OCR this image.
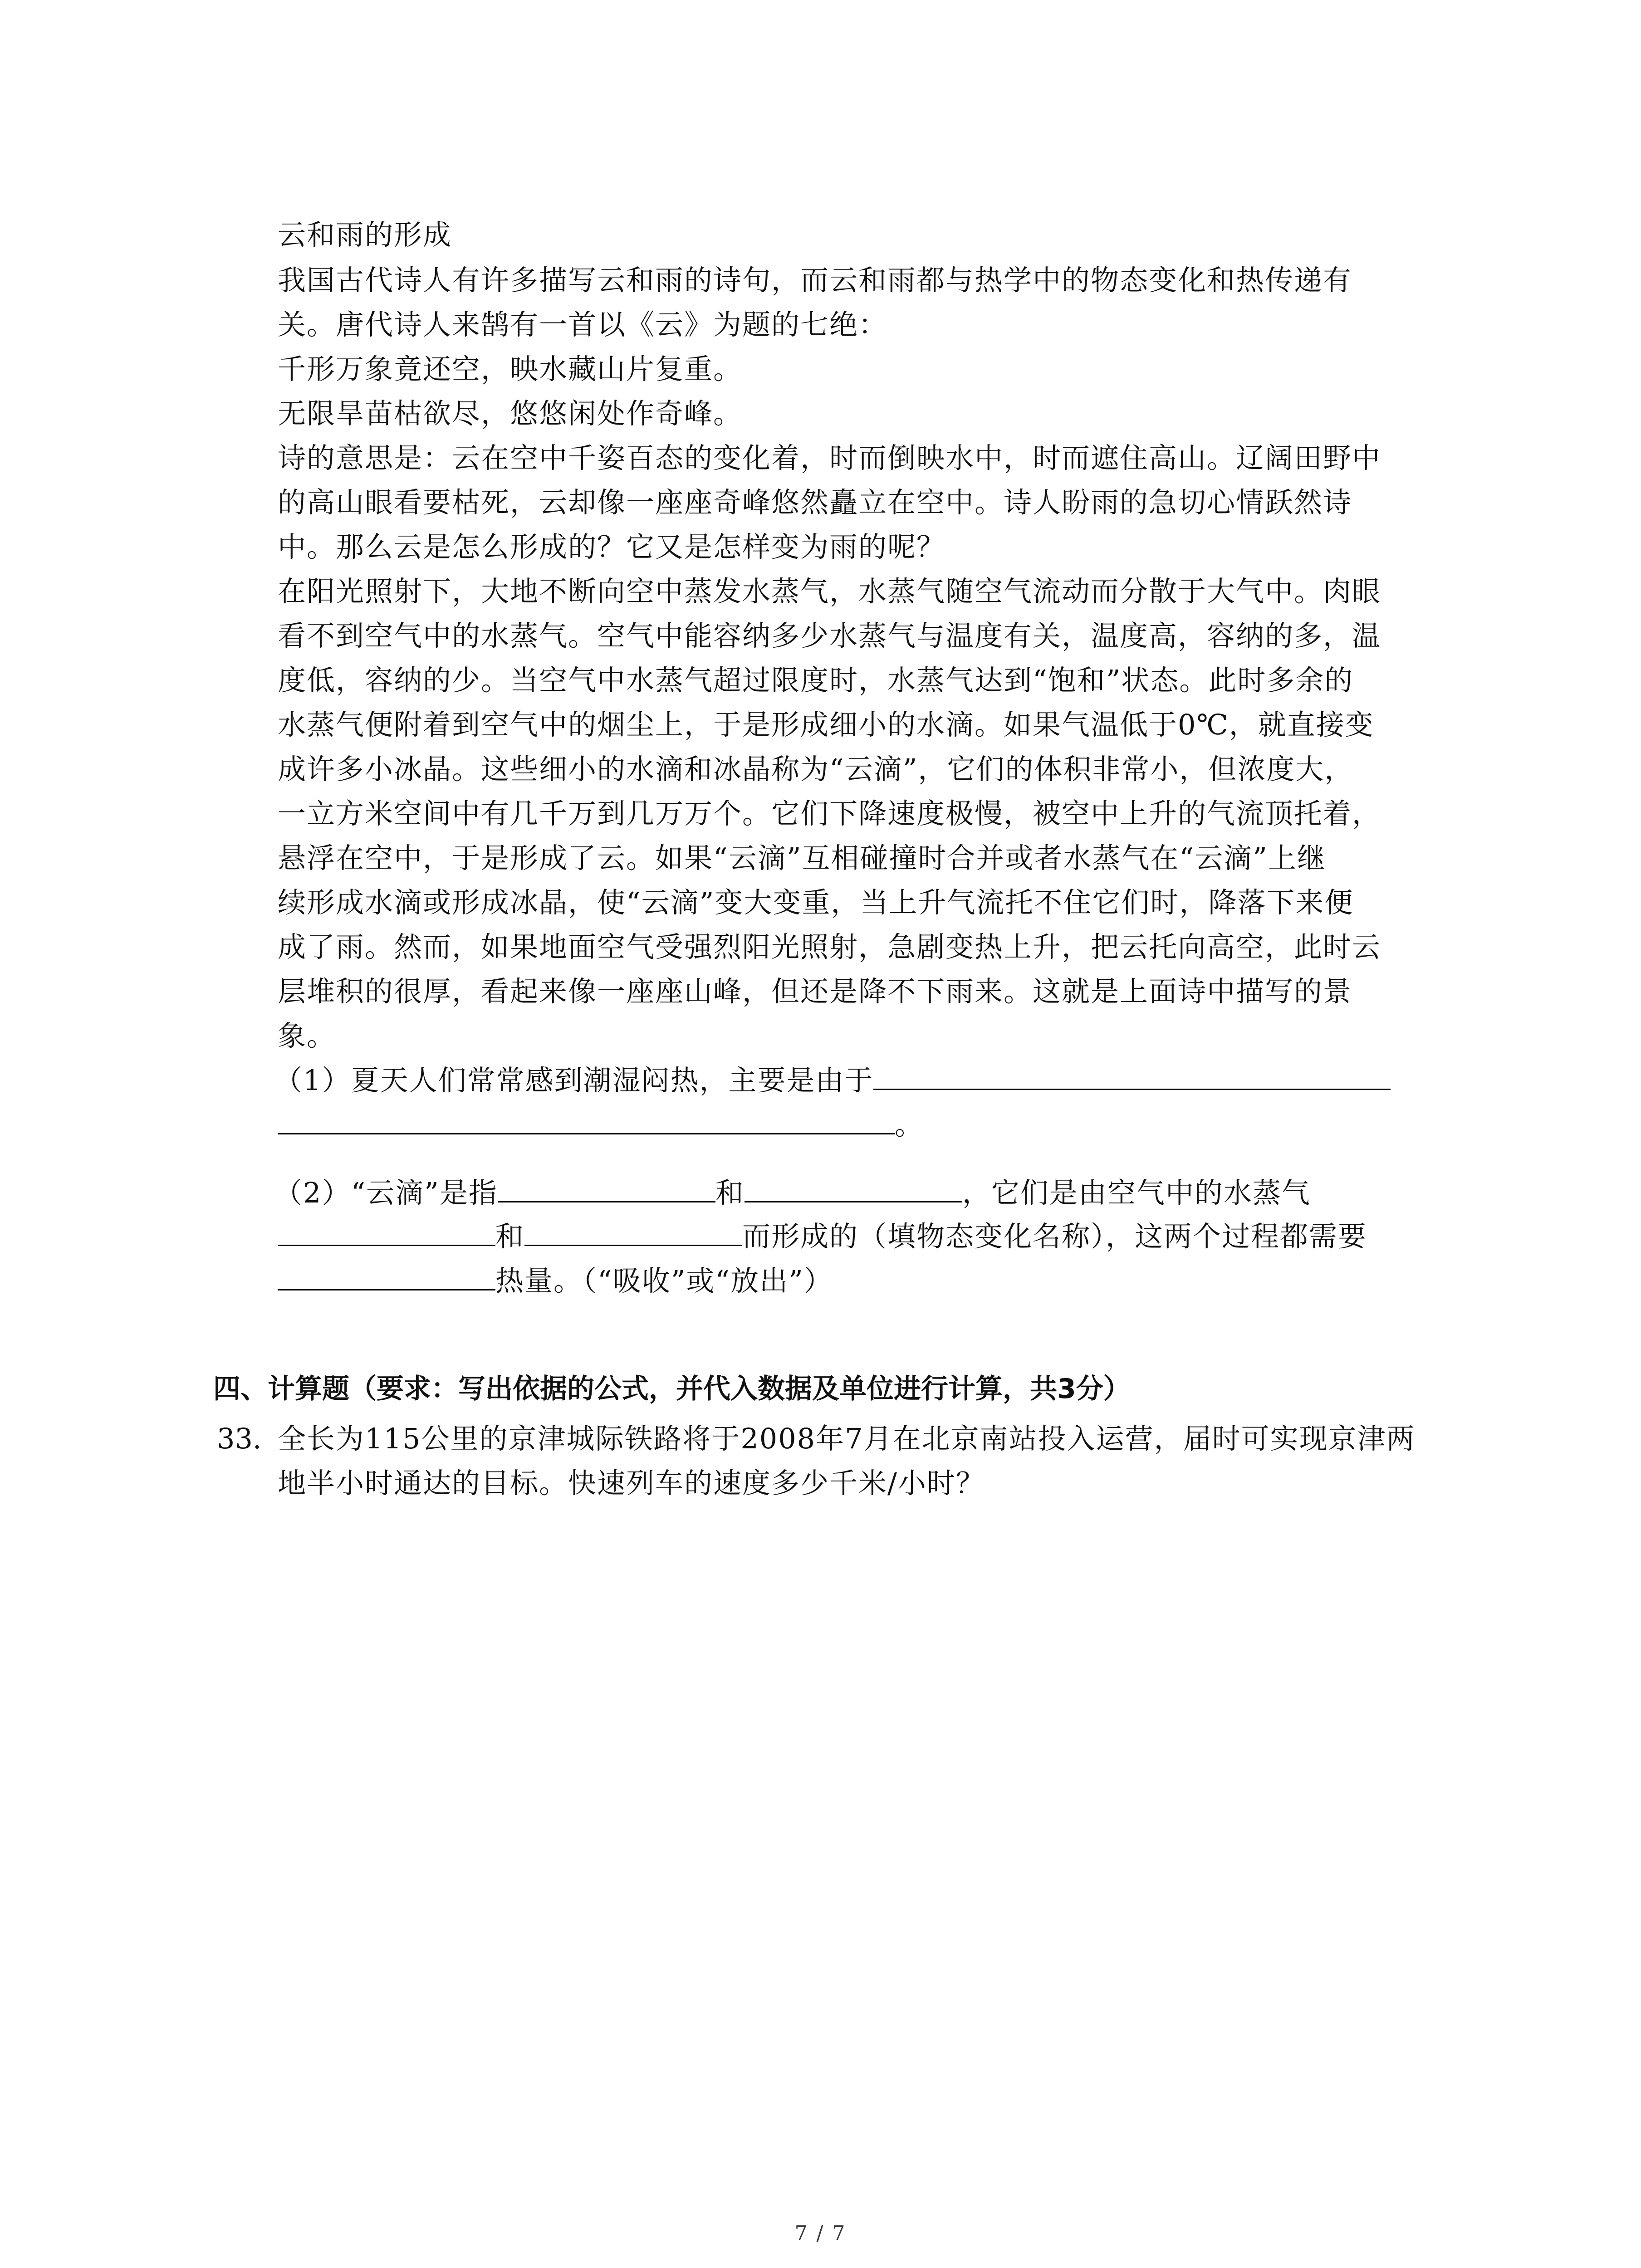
云和雨的形成
我国古代诗人有许多描写云和雨的诗句，而云和雨都与热学中的物态变化和热传递有
关。唐代诗人来鹄有一首以《云》为题的七绝：
千形万象竟还空，映水藏山片复重。
无限旱苗枯欲尽，悠悠闲处作奇峰。
诗的意思是：云在空中千姿百态的变化着，时而倒映水中，时而遮住高山。辽阔田野中
的高山眼看要枯死，云却像一座座奇峰悠然矗立在空中。诗人盼雨的急切心情跃然诗
中。那么云是怎么形成的？它又是怎样变为雨的呢？
在阳光照射下，大地不断向空中蒸发水蒸气，水蒸气随空气流动而分散于大气中。肉眼
看不到空气中的水蒸气。空气中能容纳多少水蒸气与温度有关，温度高，容纳的多，温
度低，容纳的少。当空气中水蒸气超过限度时，水蒸气达到“饱和”状态。此时多余的
水蒸气便附着到空气中的烟尘上，于是形成细小的水滴。如果气温低于0℃，就直接变
成许多小冰晶。这些细小的水滴和冰晶称为“云滴”，它们的体积非常小，但浓度大，
一立方米空间中有几千万到几万万个。它们下降速度极慢，被空中上升的气流顶托着，
悬浮在空中，于是形成了云。如果“云滴”互相碰撞时合并或者水蒸气在“云滴”上继
续形成水滴或形成冰晶，使“云滴”变大变重，当上升气流托不住它们时，降落下来便
成了雨。然而，如果地面空气受强烈阳光照射，急剧变热上升，把云托向高空，此时云
层堆积的很厚，看起来像一座座山峰，但还是降不下雨来。这就是上面诗中描写的景
象。
（1）夏天人们常常感到潮湿闷热，主要是由于
。
（2）“云滴”是指	和	，它们是由空气中的水蒸气
和	而形成的（填物态变化名称），这两个过程都需要
热量。（“吸收”或“放出”）
四、计算题（要求：写出依据的公式，并代入数据及单位进行计算，共3分）
33. 全长为115公里的京津城际铁路将于2008年7月在北京南站投入运营，届时可实现京津两
地半小时通达的目标。快速列车的速度多少千米/小时？
7 / 7
